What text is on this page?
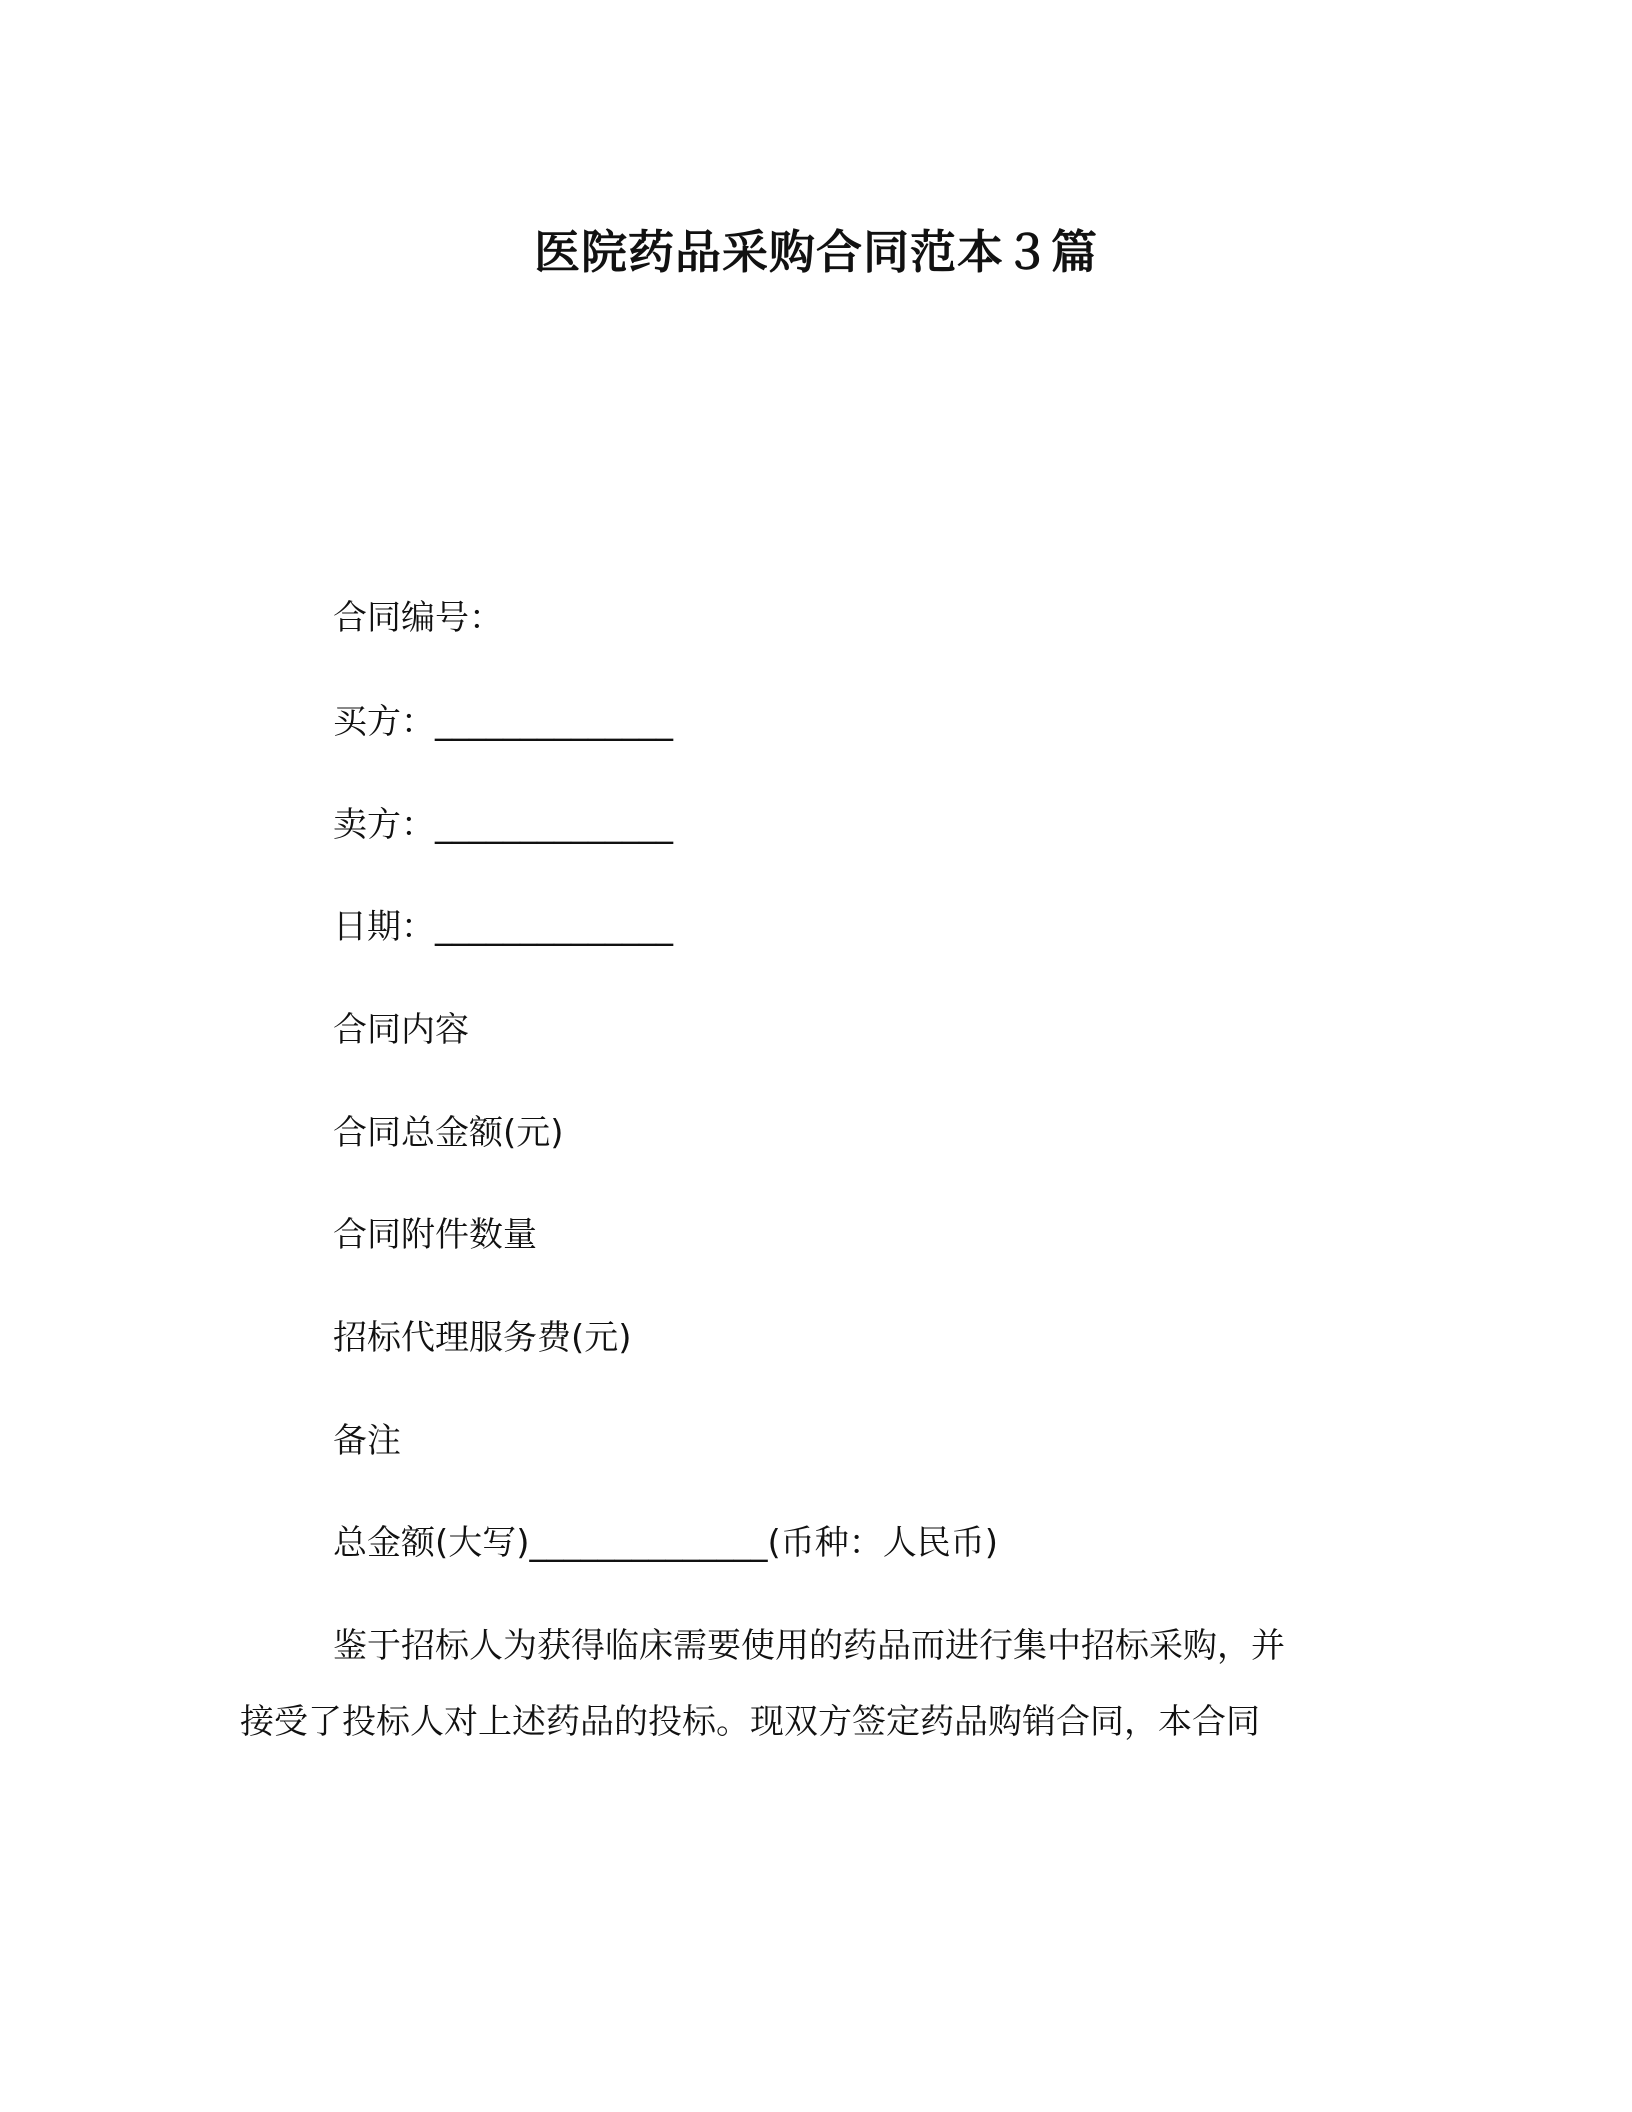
医院药品采购合同范本３篇
合同编号：
买方：______________
卖方：______________
日期：______________
合同内容
合同总金额(元)
合同附件数量
招标代理服务费(元)
备注
总金额(大写)______________(币种：人民币)
鉴于招标人为获得临床需要使用的药品而进行集中招标采购，并
接受了投标人对上述药品的投标。现双方签定药品购销合同，本合同
